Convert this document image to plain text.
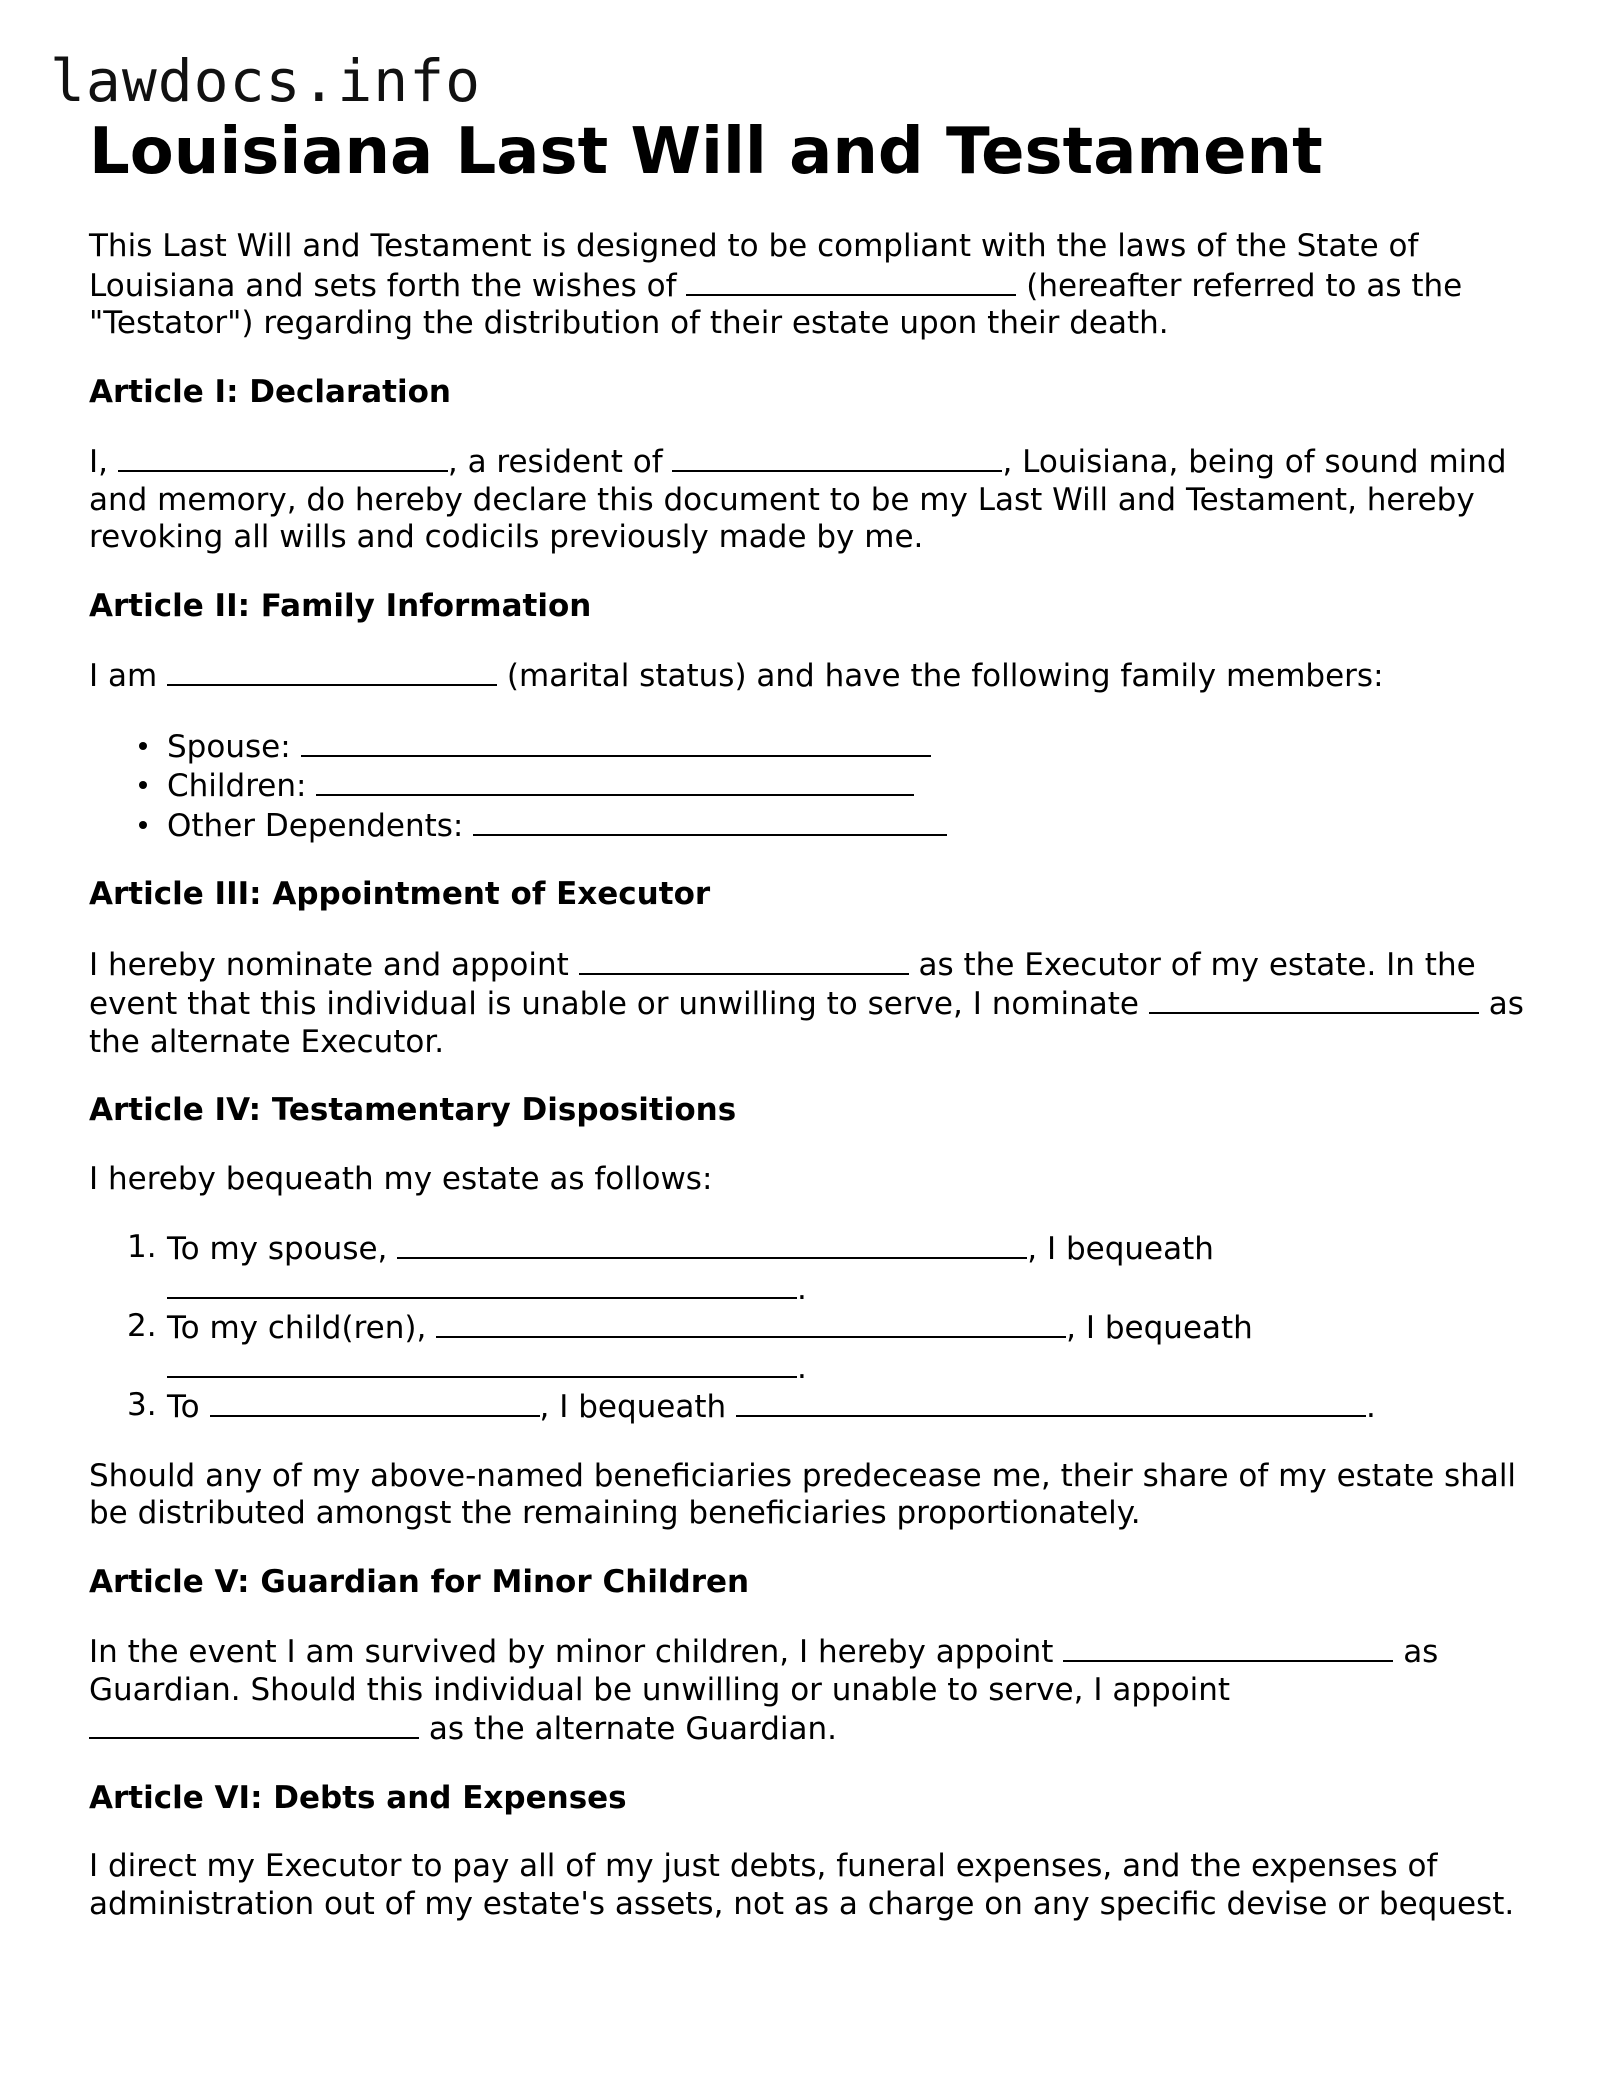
lawdocs.info
Louisiana Last Will and Testament

This Last Will and Testament is designed to be compliant with the laws of the State of Louisiana and sets forth the wishes of	(hereafter referred to as the "Testator") regarding the distribution of their estate upon their death.

Article I: Declaration

I,	, a resident of	, Louisiana, being of sound mind and memory, do hereby declare this document to be my Last Will and Testament, hereby revoking all wills and codicils previously made by me.

Article II: Family Information

I am	(marital status) and have the following family members:

Spouse:
Children:
Other Dependents:
Article III: Appointment of Executor

I hereby nominate and appoint	as the Executor of my estate. In the event that this individual is unable or unwilling to serve, I nominate	as the alternate Executor.

Article IV: Testamentary Dispositions

I hereby bequeath my estate as follows:

1. To my spouse,	, I bequeath .
2. To my child(ren),	, I bequeath .
3. To	, I bequeath	.

Should any of my above-named beneficiaries predecease me, their share of my estate shall be distributed amongst the remaining beneficiaries proportionately.

Article V: Guardian for Minor Children

In the event I am survived by minor children, I hereby appoint	as Guardian. Should this individual be unwilling or unable to serve, I appoint  as the alternate Guardian.

Article VI: Debts and Expenses

I direct my Executor to pay all of my just debts, funeral expenses, and the expenses of administration out of my estate's assets, not as a charge on any specific devise or bequest.
